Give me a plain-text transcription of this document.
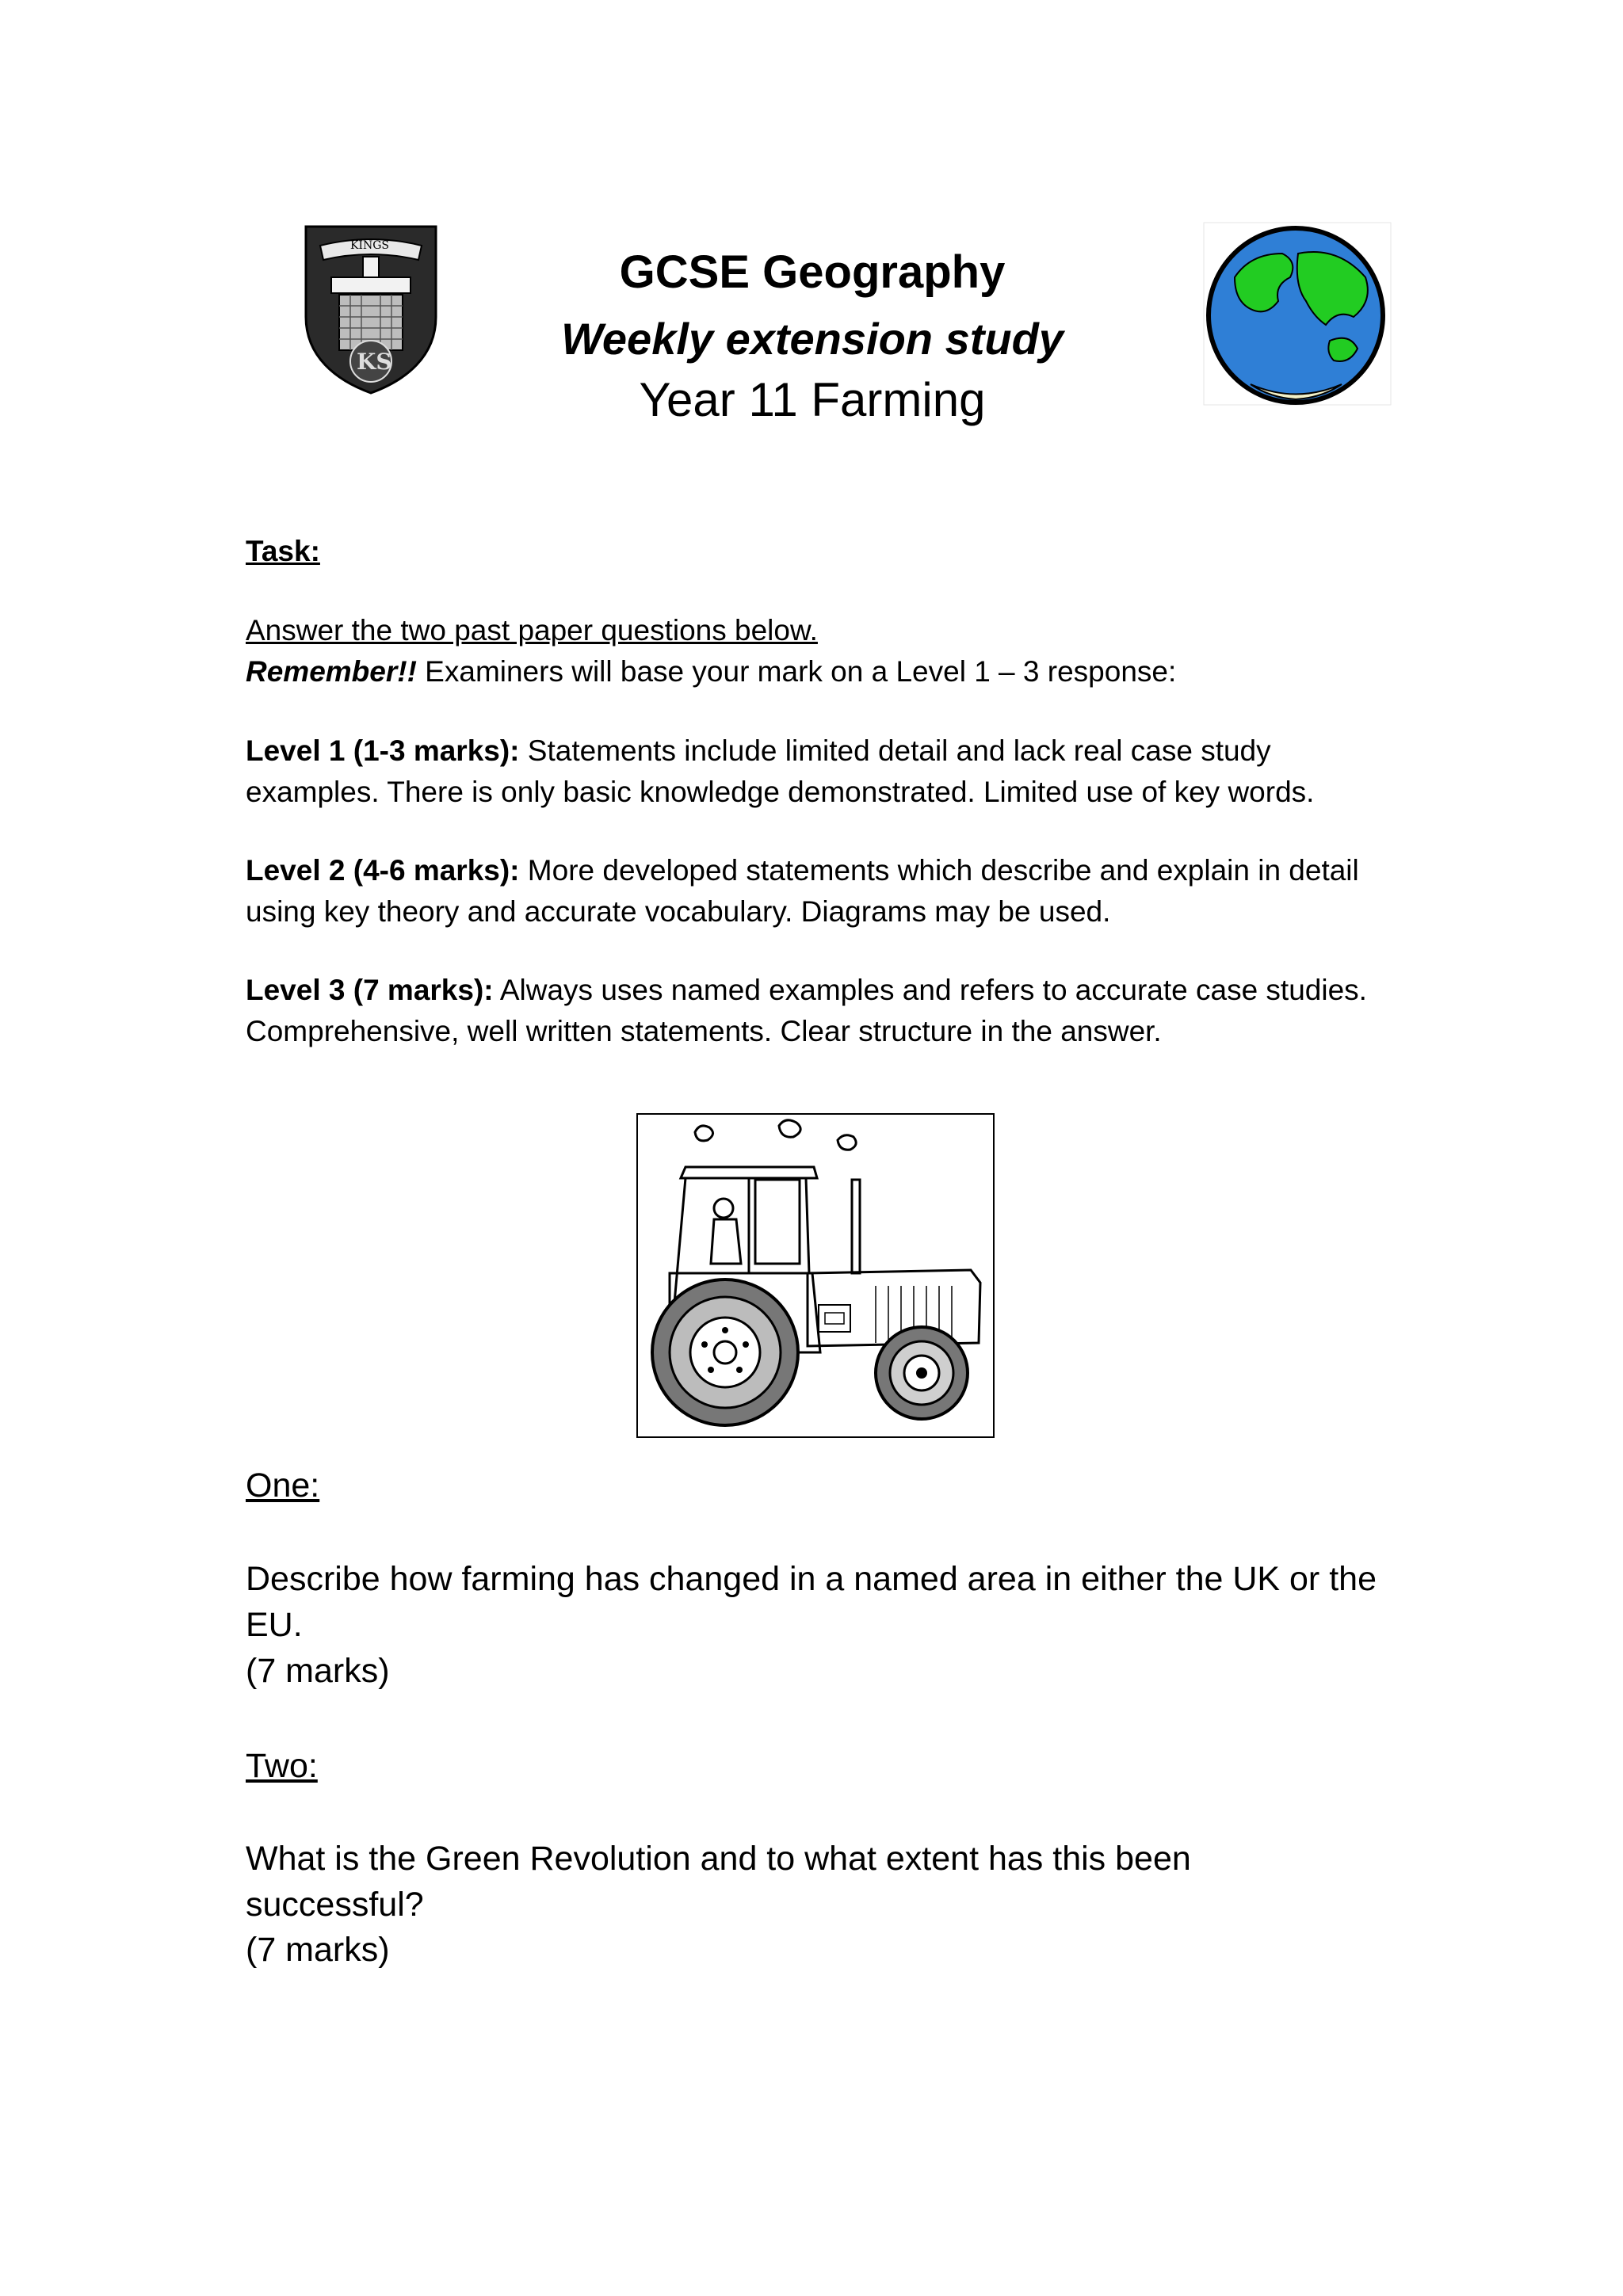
KINGS
KS
GCSE Geography
Weekly extension study
Year 11 Farming
Task:
Answer the two past paper questions below.
Remember!! Examiners will base your mark on a Level 1 – 3 response:
Level 1 (1-3 marks): Statements include limited detail and lack real case study examples. There is only basic knowledge demonstrated. Limited use of key words.
Level 2 (4-6 marks): More developed statements which describe and explain in detail using key theory and accurate vocabulary. Diagrams may be used.
Level 3 (7 marks): Always uses named examples and refers to accurate case studies. Comprehensive, well written statements. Clear structure in the answer.
One:
Describe how farming has changed in a named area in either the UK or the EU.
(7 marks)
Two:
What is the Green Revolution and to what extent has this been successful?
(7 marks)
